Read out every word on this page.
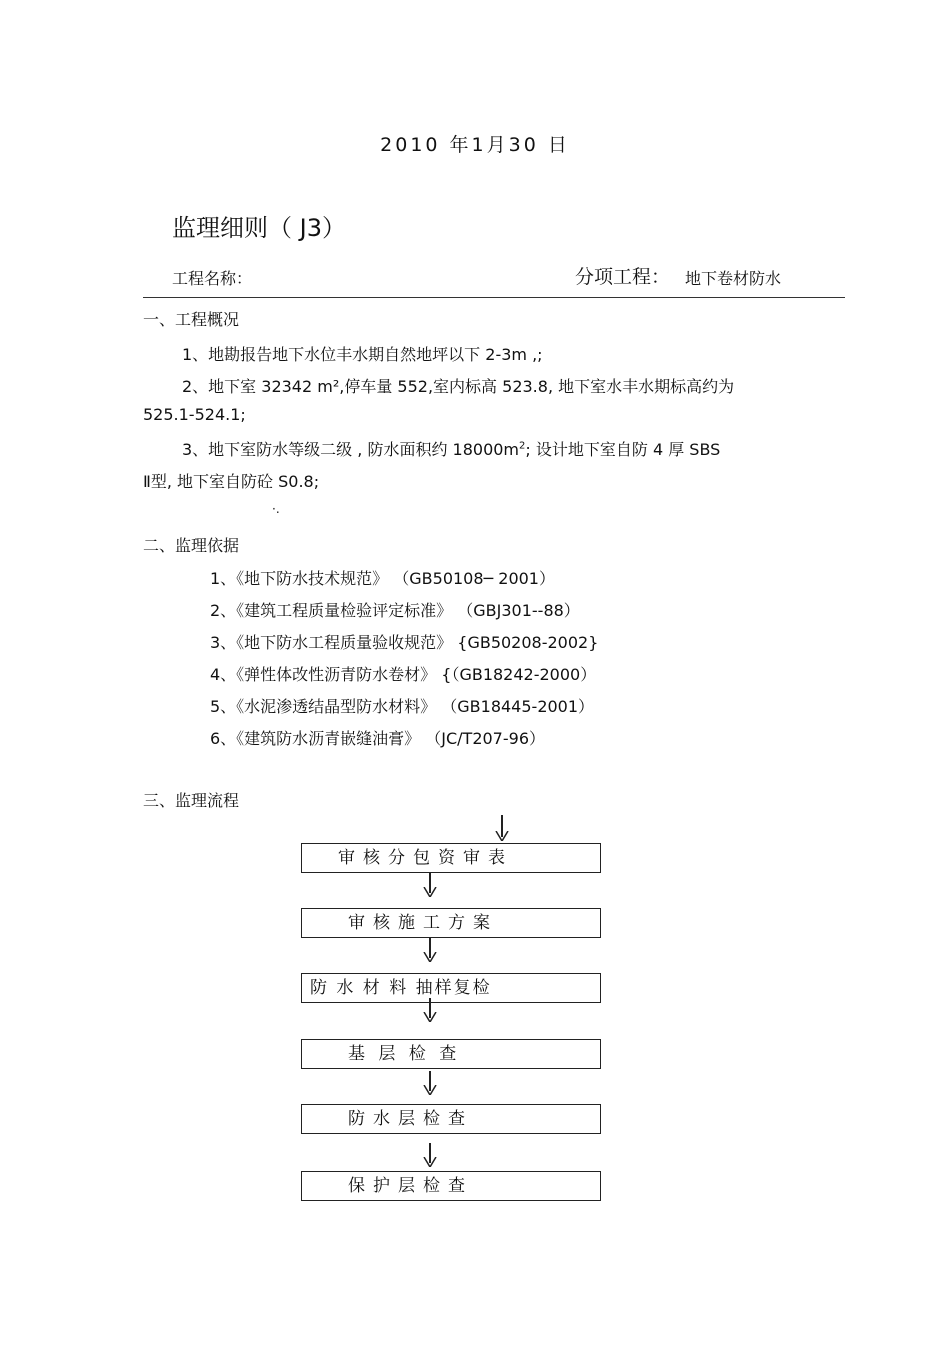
2010 年1月30 日
监理细则（ J3）
工程名称：	分项工程： 地下卷材防水
一、工程概况
1、地勘报告地下水位丰水期自然地坪以下 2-3m ,;
2、地下室 32342 m²,停车量 552,室内标高 523.8, 地下室水丰水期标高约为
525.1-524.1;
3、地下室防水等级二级 , 防水面积约 $18000m^2$; 设计地下室自防 4 厚 SBS
Ⅱ型, 地下室自防砼 S0.8;
·.
二、监理依据
1、《地下防水技术规范》 （GB50108─ 2001）
2、《建筑工程质量检验评定标准》 （GBJ301--88）
3、《地下防水工程质量验收规范》 {GB50208-2002}
4、《弹性体改性沥青防水卷材》 {（GB18242-2000）
5、《水泥渗透结晶型防水材料》 （GB18445-2001）
6、《建筑防水沥青嵌缝油膏》 （JC/T207-96）
三、监理流程
审核分包资审表
审核施工方案
防 水 材 料 抽样复检
基 层 检 查
防水层检查
保护层检查
